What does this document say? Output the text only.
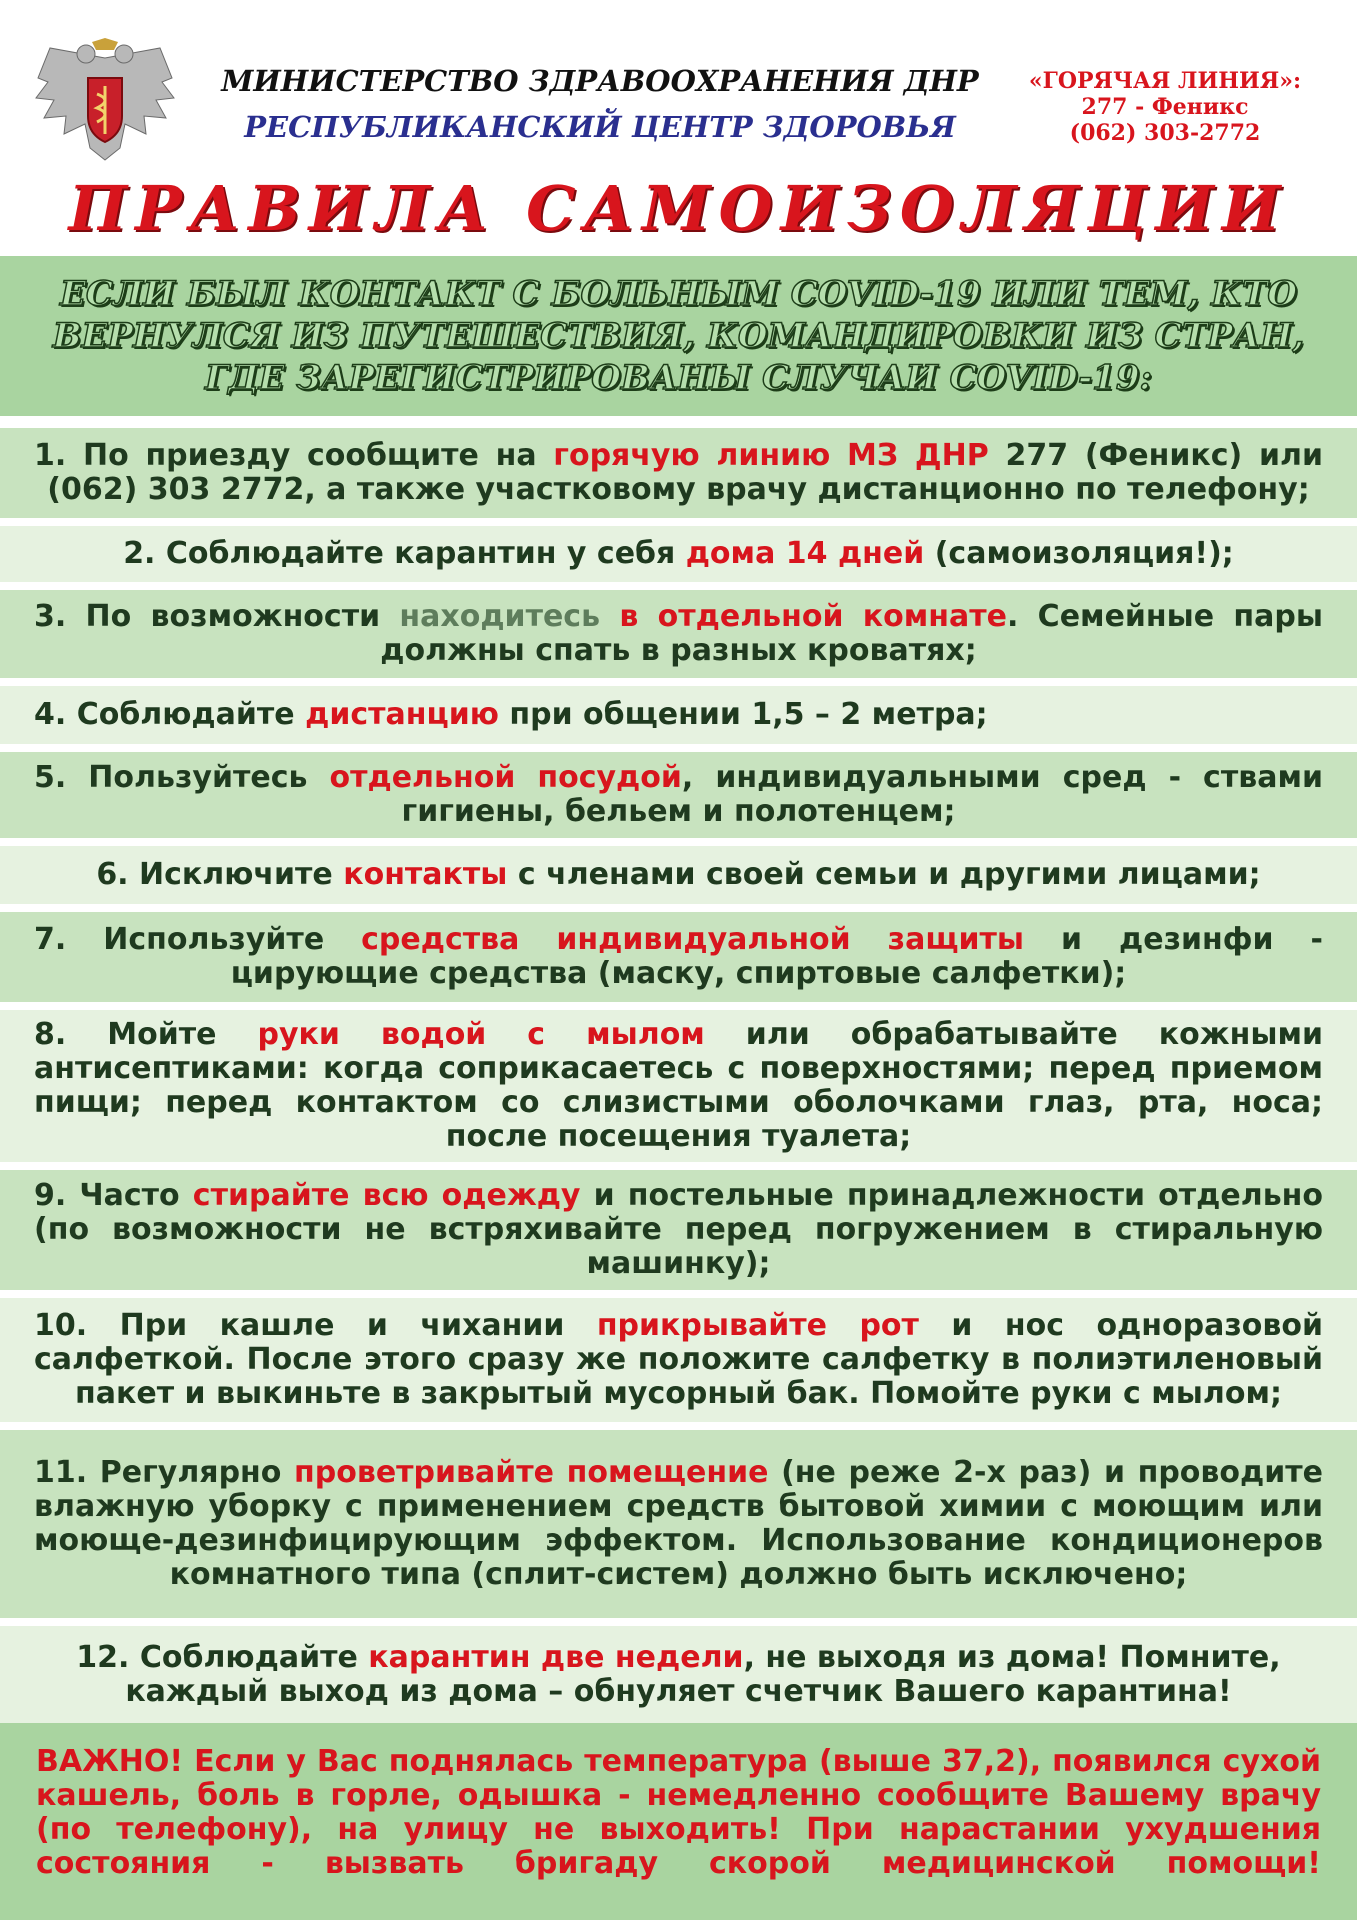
МИНИСТЕРСТВО ЗДРАВООХРАНЕНИЯ ДНР
РЕСПУБЛИКАНСКИЙ ЦЕНТР ЗДОРОВЬЯ
«ГОРЯЧАЯ ЛИНИЯ»:
277 - Феникс
(062) 303-2772
ПРАВИЛА САМОИЗОЛЯЦИИ
ЕСЛИ БЫЛ КОНТАКТ С БОЛЬНЫМ COVID-19 ИЛИ ТЕМ, КТО ВЕРНУЛСЯ ИЗ ПУТЕШЕСТВИЯ, КОМАНДИРОВКИ ИЗ СТРАН, ГДЕ ЗАРЕГИСТРИРОВАНЫ СЛУЧАИ COVID-19:

1. По приезду сообщите на горячую линию МЗ ДНР 277 (Феникс) или (062) 303 2772, а также участковому врачу дистанционно по телефону;

2. Соблюдайте карантин у себя дома 14 дней (самоизоляция!);

3. По возможности находитесь в отдельной комнате. Семейные пары должны спать в разных кроватях;

4. Соблюдайте дистанцию при общении 1,5 – 2 метра;

5. Пользуйтесь отдельной посудой, индивидуальными сред - ствами гигиены, бельем и полотенцем;

6. Исключите контакты с членами своей семьи и другими лицами;

7. Используйте средства индивидуальной защиты и дезинфи - цирующие средства (маску, спиртовые салфетки);

8. Мойте руки водой с мылом или обрабатывайте кожными антисептиками: когда соприкасаетесь с поверхностями; перед приемом пищи; перед контактом со слизистыми оболочками глаз, рта, носа; после посещения туалета;

9. Часто стирайте всю одежду и постельные принадлежности отдельно (по возможности не встряхивайте перед погружением в стиральную машинку);

10. При кашле и чихании прикрывайте рот и нос одноразовой салфеткой. После этого сразу же положите салфетку в полиэтиленовый пакет и выкиньте в закрытый мусорный бак. Помойте руки с мылом;

11. Регулярно проветривайте помещение (не реже 2-х раз) и проводите влажную уборку с применением средств бытовой химии с моющим или моюще-дезинфицирующим эффектом. Использование кондиционеров комнатного типа (сплит-систем) должно быть исключено;

12. Соблюдайте карантин две недели, не выходя из дома! Помните, каждый выход из дома – обнуляет счетчик Вашего карантина!

ВАЖНО! Если у Вас поднялась температура (выше 37,2), появился сухой кашель, боль в горле, одышка - немедленно сообщите Вашему врачу (по телефону), на улицу не выходить! При нарастании ухудшения состояния - вызвать бригаду скорой медицинской помощи!
